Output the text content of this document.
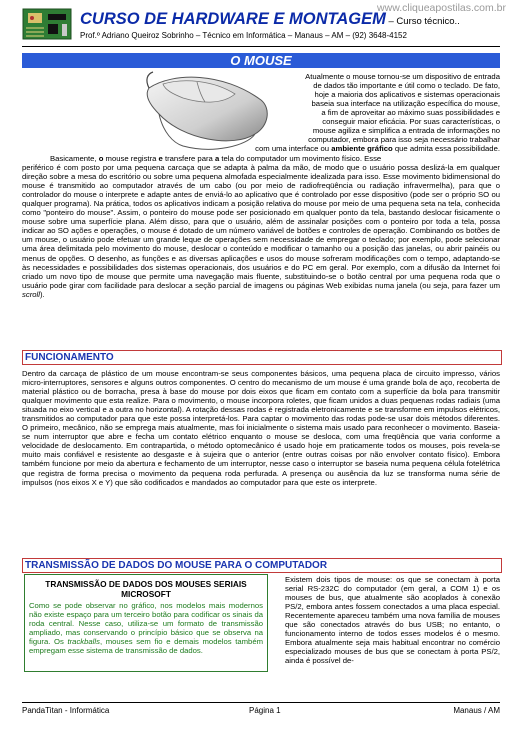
www.cliqueapostilas.com.br
CURSO DE HARDWARE E MONTAGEM – Curso técnico..
Prof.º Adriano Queiroz Sobrinho – Técnico em Informática – Manaus – AM – (92) 3648-4152
O MOUSE
Atualmente o mouse tornou-se um dispositivo de entrada
de dados tão importante e útil como o teclado. De fato,
hoje a maioria dos aplicativos e sistemas operacionais
baseia sua interface na utilização específica do mouse,
a fim de aproveitar ao máximo suas possibilidades e
conseguir maior eficácia. Por suas características, o
mouse agiliza e simplifica a entrada de informações no
computador, embora para isso seja necessário trabalhar
com uma interface ou ambiente gráfico que admita essa possibilidade.
Basicamente, o mouse registra e transfere para a tela do computador um movimento físico. Esse
periférico é com posto por uma pequena carcaça que se adapta à palma da mão, de modo que o usuário possa deslizá-la em qualquer direção sobre a mesa do escritório ou sobre uma pequena almofada especialmente idealizada para isso. Esse movimento bidimensional do mouse é transmitido ao computador através de um cabo (ou por meio de radiofreqüência ou radiação infravermelha), para que o controlador do mouse o interprete e adapte antes de enviá-lo ao aplicativo que é controlado por esse dispositivo (pode ser o próprio SO ou qualquer programa). Na prática, todos os aplicativos indicam a posição relativa do mouse por meio de uma pequena seta na tela, conhecida como "ponteiro do mouse". Assim, o ponteiro do mouse pode ser posicionado em qualquer ponto da tela, bastando deslocar fisicamente o mouse sobre uma superfície plana. Além disso, para que o usuário, além de assinalar posições com o ponteiro por toda a tela, possa indicar ao SO ações e operações, o mouse é dotado de um número variável de botões e controles de operação. Combinando os botões de um mouse, o usuário pode efetuar um grande leque de operações sem necessidade de empregar o teclado; por exemplo, pode selecionar uma área delimitada pelo movimento do mouse, deslocar o conteúdo e modificar o tamanho ou a posição das janelas, ou abrir painéis ou menus de opções. O desenho, as funções e as diversas aplicações e usos do mouse sofreram modificações com o tempo, adaptando-se às necessidades e possibilidades dos sistemas operacionais, dos usuários e do PC em geral. Por exemplo, com a difusão da Internet foi criado um novo tipo de mouse que permite uma navegação mais fluente, substituindo-se o botão central por uma pequena roda que o usuário pode girar com facilidade para deslocar a seção parcial de imagens ou páginas Web exibidas numa janela (ou seja, para fazer um scroll).
FUNCIONAMENTO
Dentro da carcaça de plástico de um mouse encontram-se seus componentes básicos, uma pequena placa de circuito impresso, vários micro-interruptores, sensores e alguns outros componentes. O centro do mecanismo de um mouse é uma grande bola de aço, recoberta de material plástico ou de borracha, presa à base do mouse por dois eixos que ficam em contato com a superfície da bola para transmitir qualquer movimento que esta realize. Para o movimento, o mouse incorpora roletes, que ficam unidos a duas pequenas rodas radiais (uma situada no eixo vertical e a outra no horizontal). A rotação dessas rodas é registrada eletronicamente e se transforme em impulsos elétricos, transmitidos ao computador para que este possa interpretá-los. Para captar o movimento das rodas pode-se usar dois métodos diferentes. O primeiro, mecânico, não se emprega mais atualmente, mas foi inicialmente o sistema mais usado para reconhecer o movimento. Baseia-se num interruptor que abre e fecha um contato elétrico enquanto o mouse se desloca, com uma freqüência que varia conforme a velocidade de deslocamento. Em contrapartida, o método optomecânico é usado hoje em praticamente todos os mouses, pois revela-se muito mais confiável e resistente ao desgaste e à sujeira que o anterior (entre outras coisas por não envolver contato físico). Embora também funcione por meio da abertura e fechamento de um interruptor, nesse caso o interruptor se baseia numa pequena célula fotelétrica que registra de forma precisa o movimento da pequena roda perfurada. A presença ou ausência da luz se transforma numa série de impulsos (nos eixos X e Y) que são codificados e mandados ao computador para que este os interprete.
TRANSMISSÃO DE DADOS DO MOUSE PARA O COMPUTADOR
TRANSMISSÃO DE DADOS DOS MOUSES SERIAIS MICROSOFT
Como se pode observar no gráfico, nos modelos mais modernos não existe espaço para um terceiro botão para codificar os sinais da roda central. Nesse caso, utiliza-se um formato de transmissão ampliado, mas conservando o princípio básico que se observa na figura. Os trackballs, mouses sem fio e demais modelos também empregam esse sistema de transmissão de dados.
Existem dois tipos de mouse: os que se conectam à porta serial RS-232C do computador (em geral, a COM 1) e os mouses de bus, que atualmente são acoplados à conexão PS/2, embora antes fossem conectados a uma placa especial. Recentemente apareceu também uma nova família de mouses que são conectados através do bus USB; no entanto, o funcionamento interno de todos esses modelos é o mesmo. Embora atualmente seja mais habitual encontrar no comércio especializado mouses de bus que se conectam à porta PS/2, ainda é possível de-
PandaTitan - Informática	Página 1	Manaus / AM
